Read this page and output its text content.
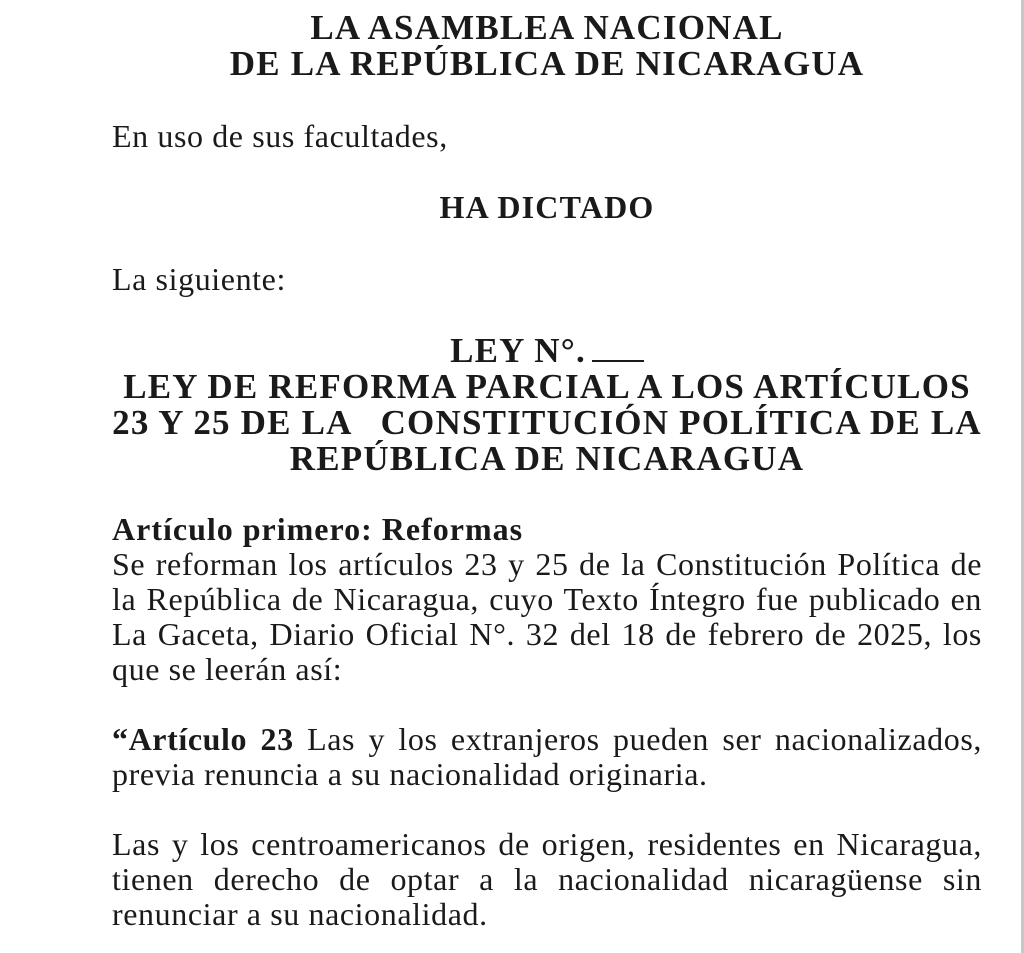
LA ASAMBLEA NACIONAL
DE LA REPÚBLICA DE NICARAGUA

En uso de sus facultades,

HA DICTADO

La siguiente:

LEY N°.
LEY DE REFORMA PARCIAL A LOS ARTÍCULOS
23 Y 25 DE LA   CONSTITUCIÓN POLÍTICA DE LA
REPÚBLICA DE NICARAGUA

Artículo primero: Reformas

Se reforman los artículos 23 y 25 de la Constitución Política de la República de Nicaragua, cuyo Texto Íntegro fue publicado en La Gaceta, Diario Oficial N°. 32 del 18 de febrero de 2025, los que se leerán así:

“Artículo 23 Las y los extranjeros pueden ser nacionalizados, previa renuncia a su nacionalidad originaria.

Las y los centroamericanos de origen, residentes en Nicaragua, tienen derecho de optar a la nacionalidad nicaragüense sin renunciar a su nacionalidad.
